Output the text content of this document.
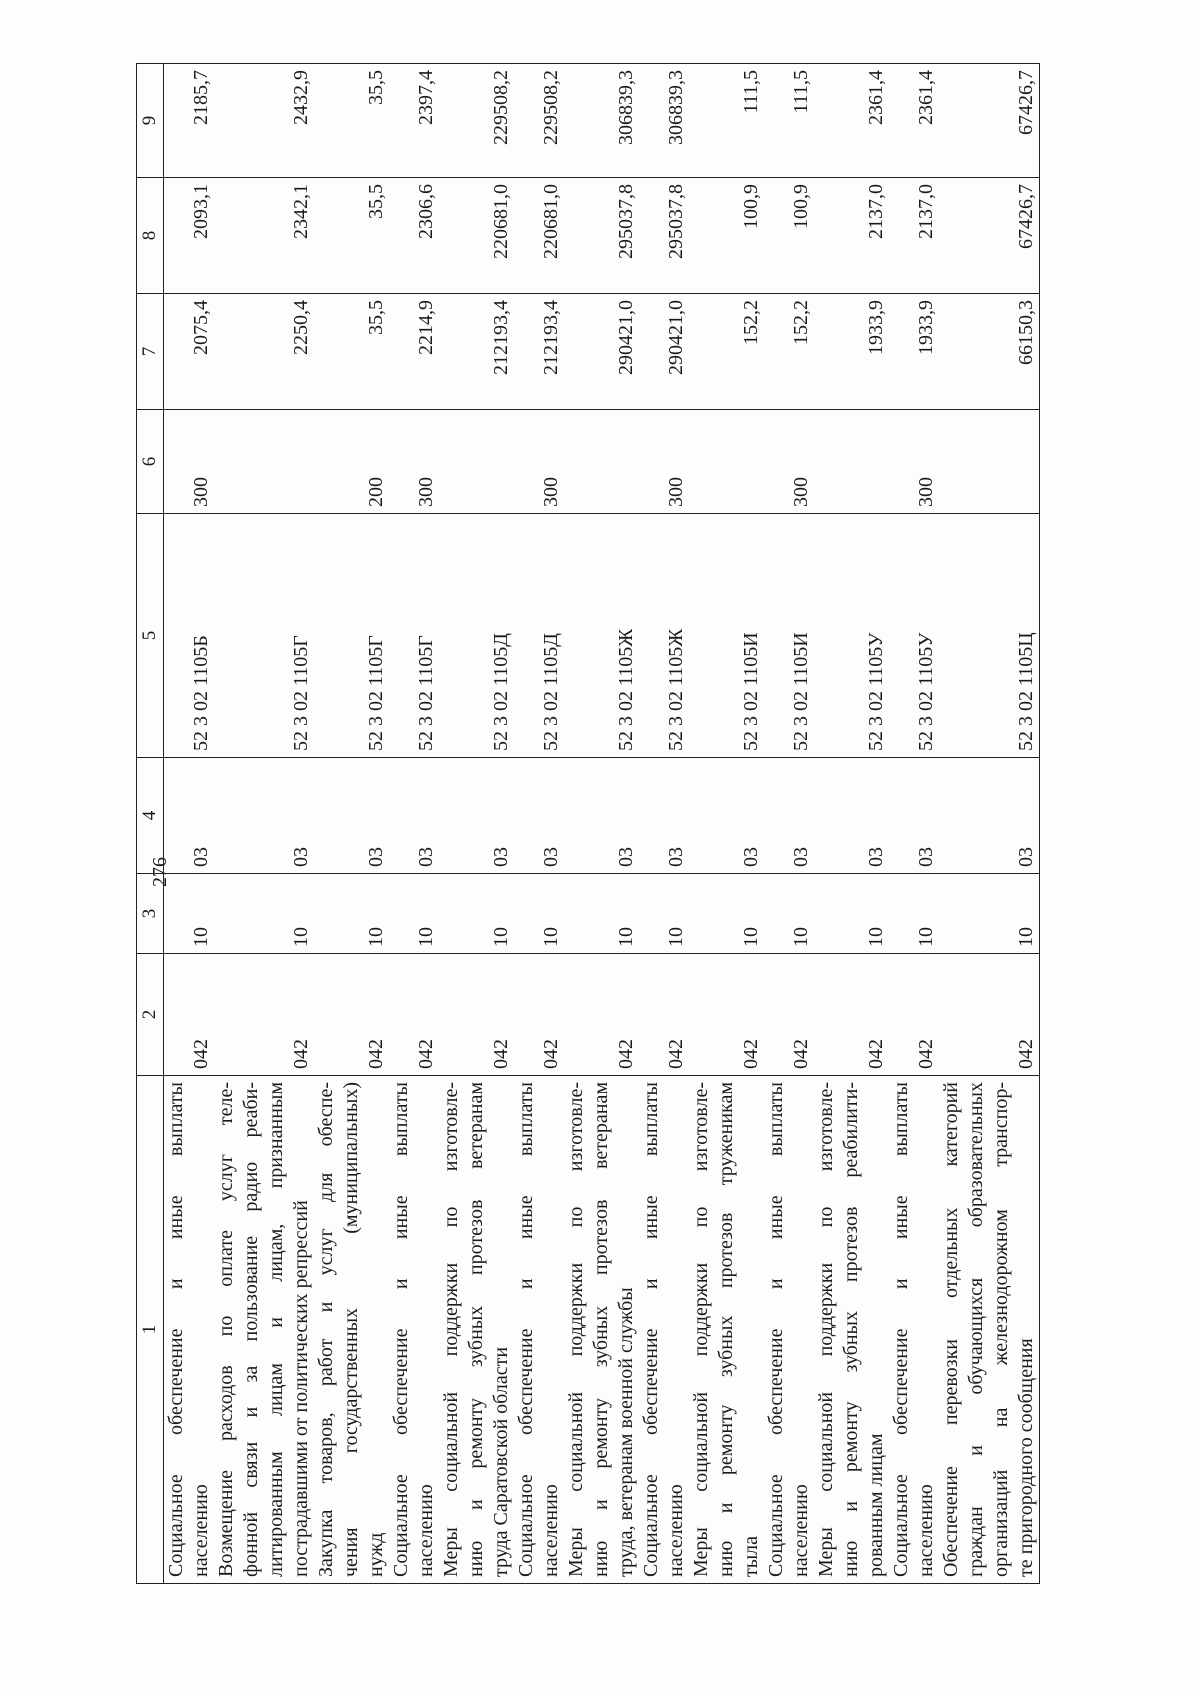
276
1	2	3	4	5	6	7	8	9

Социальное обеспечение и иные выплаты населению	042	10	03	52 3 02 1105Б	300	2075,4	2093,1	2185,7

Возмещение расходов по оплате услуг теле- фонной связи и за пользование радио реаби- литированным лицам и лицам, признанным пострадавшими от политических репрессий	042	10	03	52 3 02 1105Г		2250,4	2342,1	2432,9

Закупка товаров, работ и услуг для обеспе- чения государственных (муниципальных) нужд	042	10	03	52 3 02 1105Г	200	35,5	35,5	35,5

Социальное обеспечение и иные выплаты населению	042	10	03	52 3 02 1105Г	300	2214,9	2306,6	2397,4

Меры социальной поддержки по изготовле- нию и ремонту зубных протезов ветеранам труда Саратовской области	042	10	03	52 3 02 1105Д		212193,4	220681,0	229508,2

Социальное обеспечение и иные выплаты населению	042	10	03	52 3 02 1105Д	300	212193,4	220681,0	229508,2

Меры социальной поддержки по изготовле- нию и ремонту зубных протезов ветеранам труда, ветеранам военной службы	042	10	03	52 3 02 1105Ж		290421,0	295037,8	306839,3

Социальное обеспечение и иные выплаты населению	042	10	03	52 3 02 1105Ж	300	290421,0	295037,8	306839,3

Меры социальной поддержки по изготовле- нию и ремонту зубных протезов труженикам тыла	042	10	03	52 3 02 1105И		152,2	100,9	111,5

Социальное обеспечение и иные выплаты населению	042	10	03	52 3 02 1105И	300	152,2	100,9	111,5

Меры социальной поддержки по изготовле- нию и ремонту зубных протезов реабилити- рованным лицам	042	10	03	52 3 02 1105У		1933,9	2137,0	2361,4

Социальное обеспечение и иные выплаты населению	042	10	03	52 3 02 1105У	300	1933,9	2137,0	2361,4

Обеспечение перевозки отдельных категорий граждан и обучающихся образовательных организаций на железнодорожном транспор- те пригородного сообщения	042	10	03	52 3 02 1105Ц		66150,3	67426,7	67426,7
